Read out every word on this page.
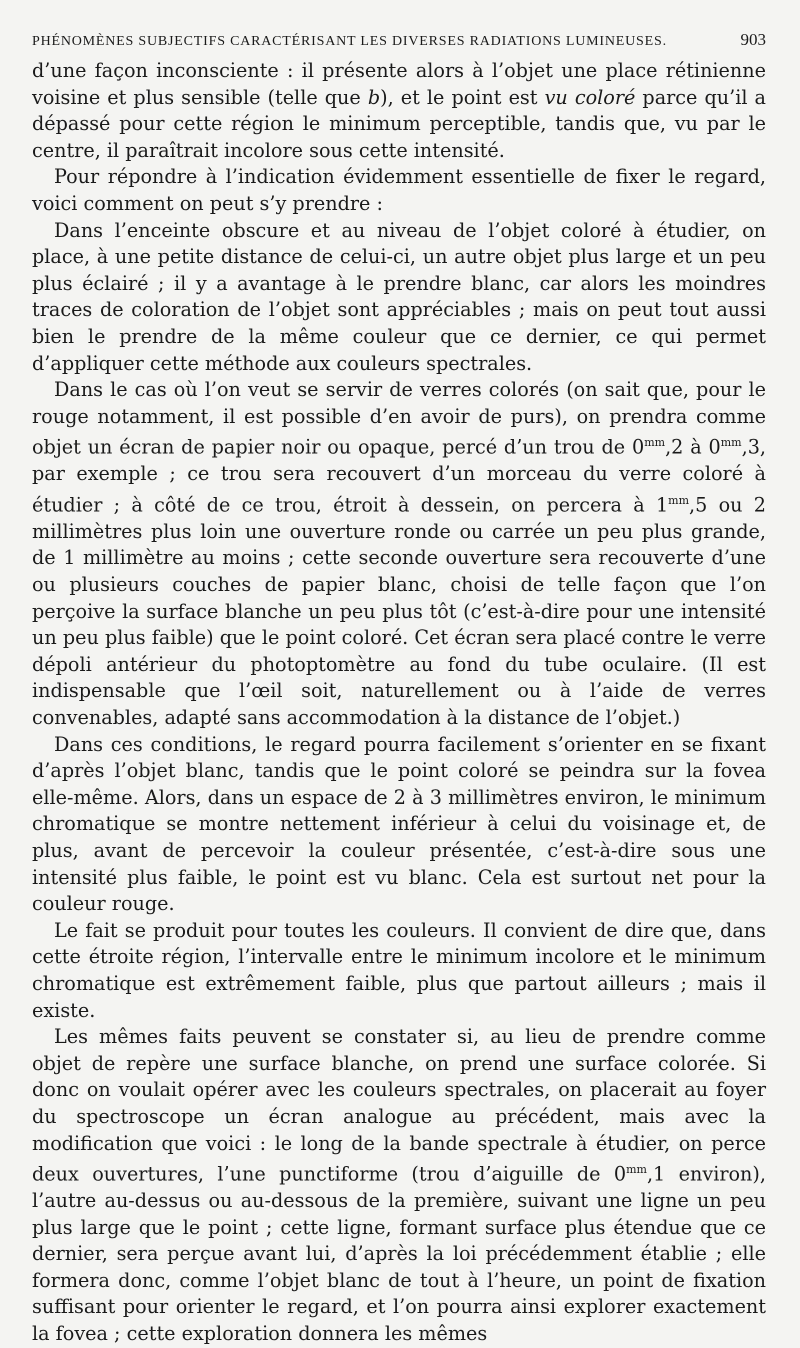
PHÉNOMÈNES SUBJECTIFS CARACTÉRISANT LES DIVERSES RADIATIONS LUMINEUSES.	903

d’une façon inconsciente : il présente alors à l’objet une place rétinienne voisine et plus sensible (telle que b), et le point est vu coloré parce qu’il a dépassé pour cette région le minimum perceptible, tandis que, vu par le centre, il paraîtrait incolore sous cette intensité.

Pour répondre à l’indication évidemment essentielle de fixer le regard, voici comment on peut s’y prendre :

Dans l’enceinte obscure et au niveau de l’objet coloré à étudier, on place, à une petite distance de celui-ci, un autre objet plus large et un peu plus éclairé ; il y a avantage à le prendre blanc, car alors les moindres traces de coloration de l’objet sont appréciables ; mais on peut tout aussi bien le prendre de la même couleur que ce dernier, ce qui permet d’appliquer cette méthode aux couleurs spectrales.

Dans le cas où l’on veut se servir de verres colorés (on sait que, pour le rouge notamment, il est possible d’en avoir de purs), on prendra comme objet un écran de papier noir ou opaque, percé d’un trou de $0^{mm},2$ à $0^{mm},3$, par exemple ; ce trou sera recouvert d’un morceau du verre coloré à étudier ; à côté de ce trou, étroit à dessein, on percera à $1^{mm},5$ ou 2 millimètres plus loin une ouverture ronde ou carrée un peu plus grande, de 1 millimètre au moins ; cette seconde ouverture sera recouverte d’une ou plusieurs couches de papier blanc, choisi de telle façon que l’on perçoive la surface blanche un peu plus tôt (c’est-à-dire pour une intensité un peu plus faible) que le point coloré. Cet écran sera placé contre le verre dépoli antérieur du photoptomètre au fond du tube oculaire. (Il est indispensable que l’œil soit, naturellement ou à l’aide de verres convenables, adapté sans accommodation à la distance de l’objet.)

Dans ces conditions, le regard pourra facilement s’orienter en se fixant d’après l’objet blanc, tandis que le point coloré se peindra sur la fovea elle-même. Alors, dans un espace de 2 à 3 millimètres environ, le minimum chromatique se montre nettement inférieur à celui du voisinage et, de plus, avant de percevoir la couleur présentée, c’est-à-dire sous une intensité plus faible, le point est vu blanc. Cela est surtout net pour la couleur rouge.

Le fait se produit pour toutes les couleurs. Il convient de dire que, dans cette étroite région, l’intervalle entre le minimum incolore et le minimum chromatique est extrêmement faible, plus que partout ailleurs ; mais il existe.

Les mêmes faits peuvent se constater si, au lieu de prendre comme objet de repère une surface blanche, on prend une surface colorée. Si donc on voulait opérer avec les couleurs spectrales, on placerait au foyer du spectroscope un écran analogue au précédent, mais avec la modification que voici : le long de la bande spectrale à étudier, on perce deux ouvertures, l’une punctiforme (trou d’aiguille de $0^{mm},1$ environ), l’autre au-dessus ou au-dessous de la première, suivant une ligne un peu plus large que le point ; cette ligne, formant surface plus étendue que ce dernier, sera perçue avant lui, d’après la loi précédemment établie ; elle formera donc, comme l’objet blanc de tout à l’heure, un point de fixation suffisant pour orienter le regard, et l’on pourra ainsi explorer exactement la fovea ; cette exploration donnera les mêmes
